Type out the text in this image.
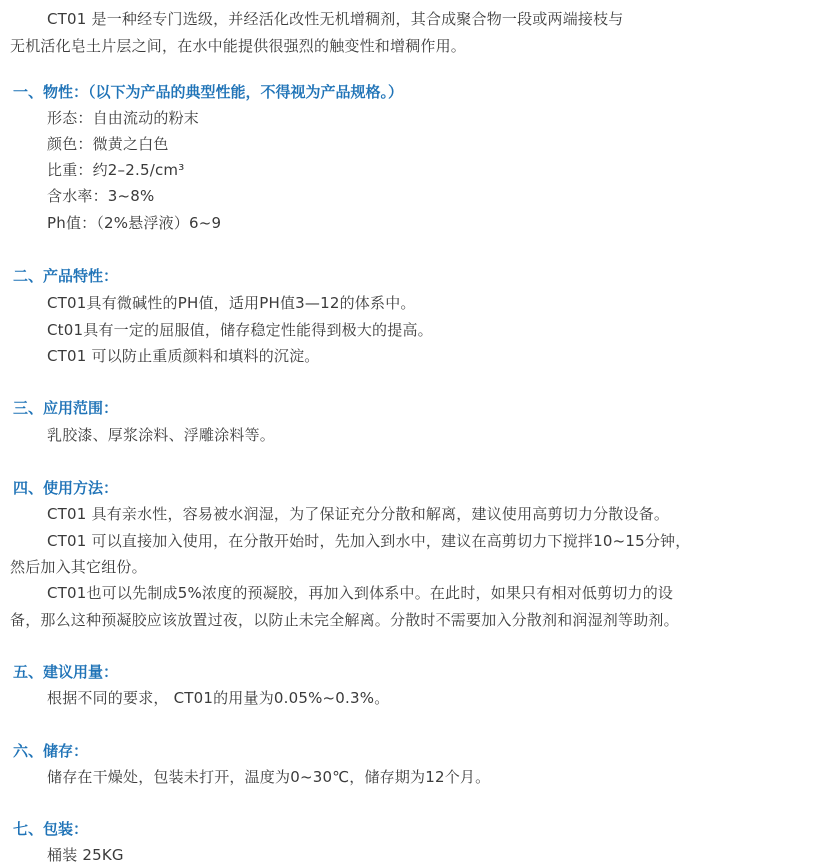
CT01 是一种经专门选级，并经活化改性无机增稠剂，其合成聚合物一段或两端接枝与
无机活化皂土片层之间，在水中能提供很强烈的触变性和增稠作用。
一、物性：（以下为产品的典型性能，不得视为产品规格。）
形态：自由流动的粉末
颜色：微黄之白色
比重：约2–2.5/cm³
含水率：3~8%
Ph值：（2%悬浮液）6~9
二、产品特性：
CT01具有微碱性的PH值，适用PH值3—12的体系中。
Ct01具有一定的屈服值，储存稳定性能得到极大的提高。
CT01 可以防止重质颜料和填料的沉淀。
三、应用范围：
乳胶漆、厚浆涂料、浮雕涂料等。
四、使用方法：
CT01 具有亲水性，容易被水润湿，为了保证充分分散和解离，建议使用高剪切力分散设备。
CT01 可以直接加入使用，在分散开始时，先加入到水中，建议在高剪切力下搅拌10~15分钟，
然后加入其它组份。
CT01也可以先制成5%浓度的预凝胶，再加入到体系中。在此时，如果只有相对低剪切力的设
备，那么这种预凝胶应该放置过夜，以防止未完全解离。分散时不需要加入分散剂和润湿剂等助剂。
五、建议用量：
根据不同的要求， CT01的用量为0.05%~0.3%。
六、储存：
储存在干燥处，包装未打开，温度为0~30℃，储存期为12个月。
七、包装：
桶装 25KG
